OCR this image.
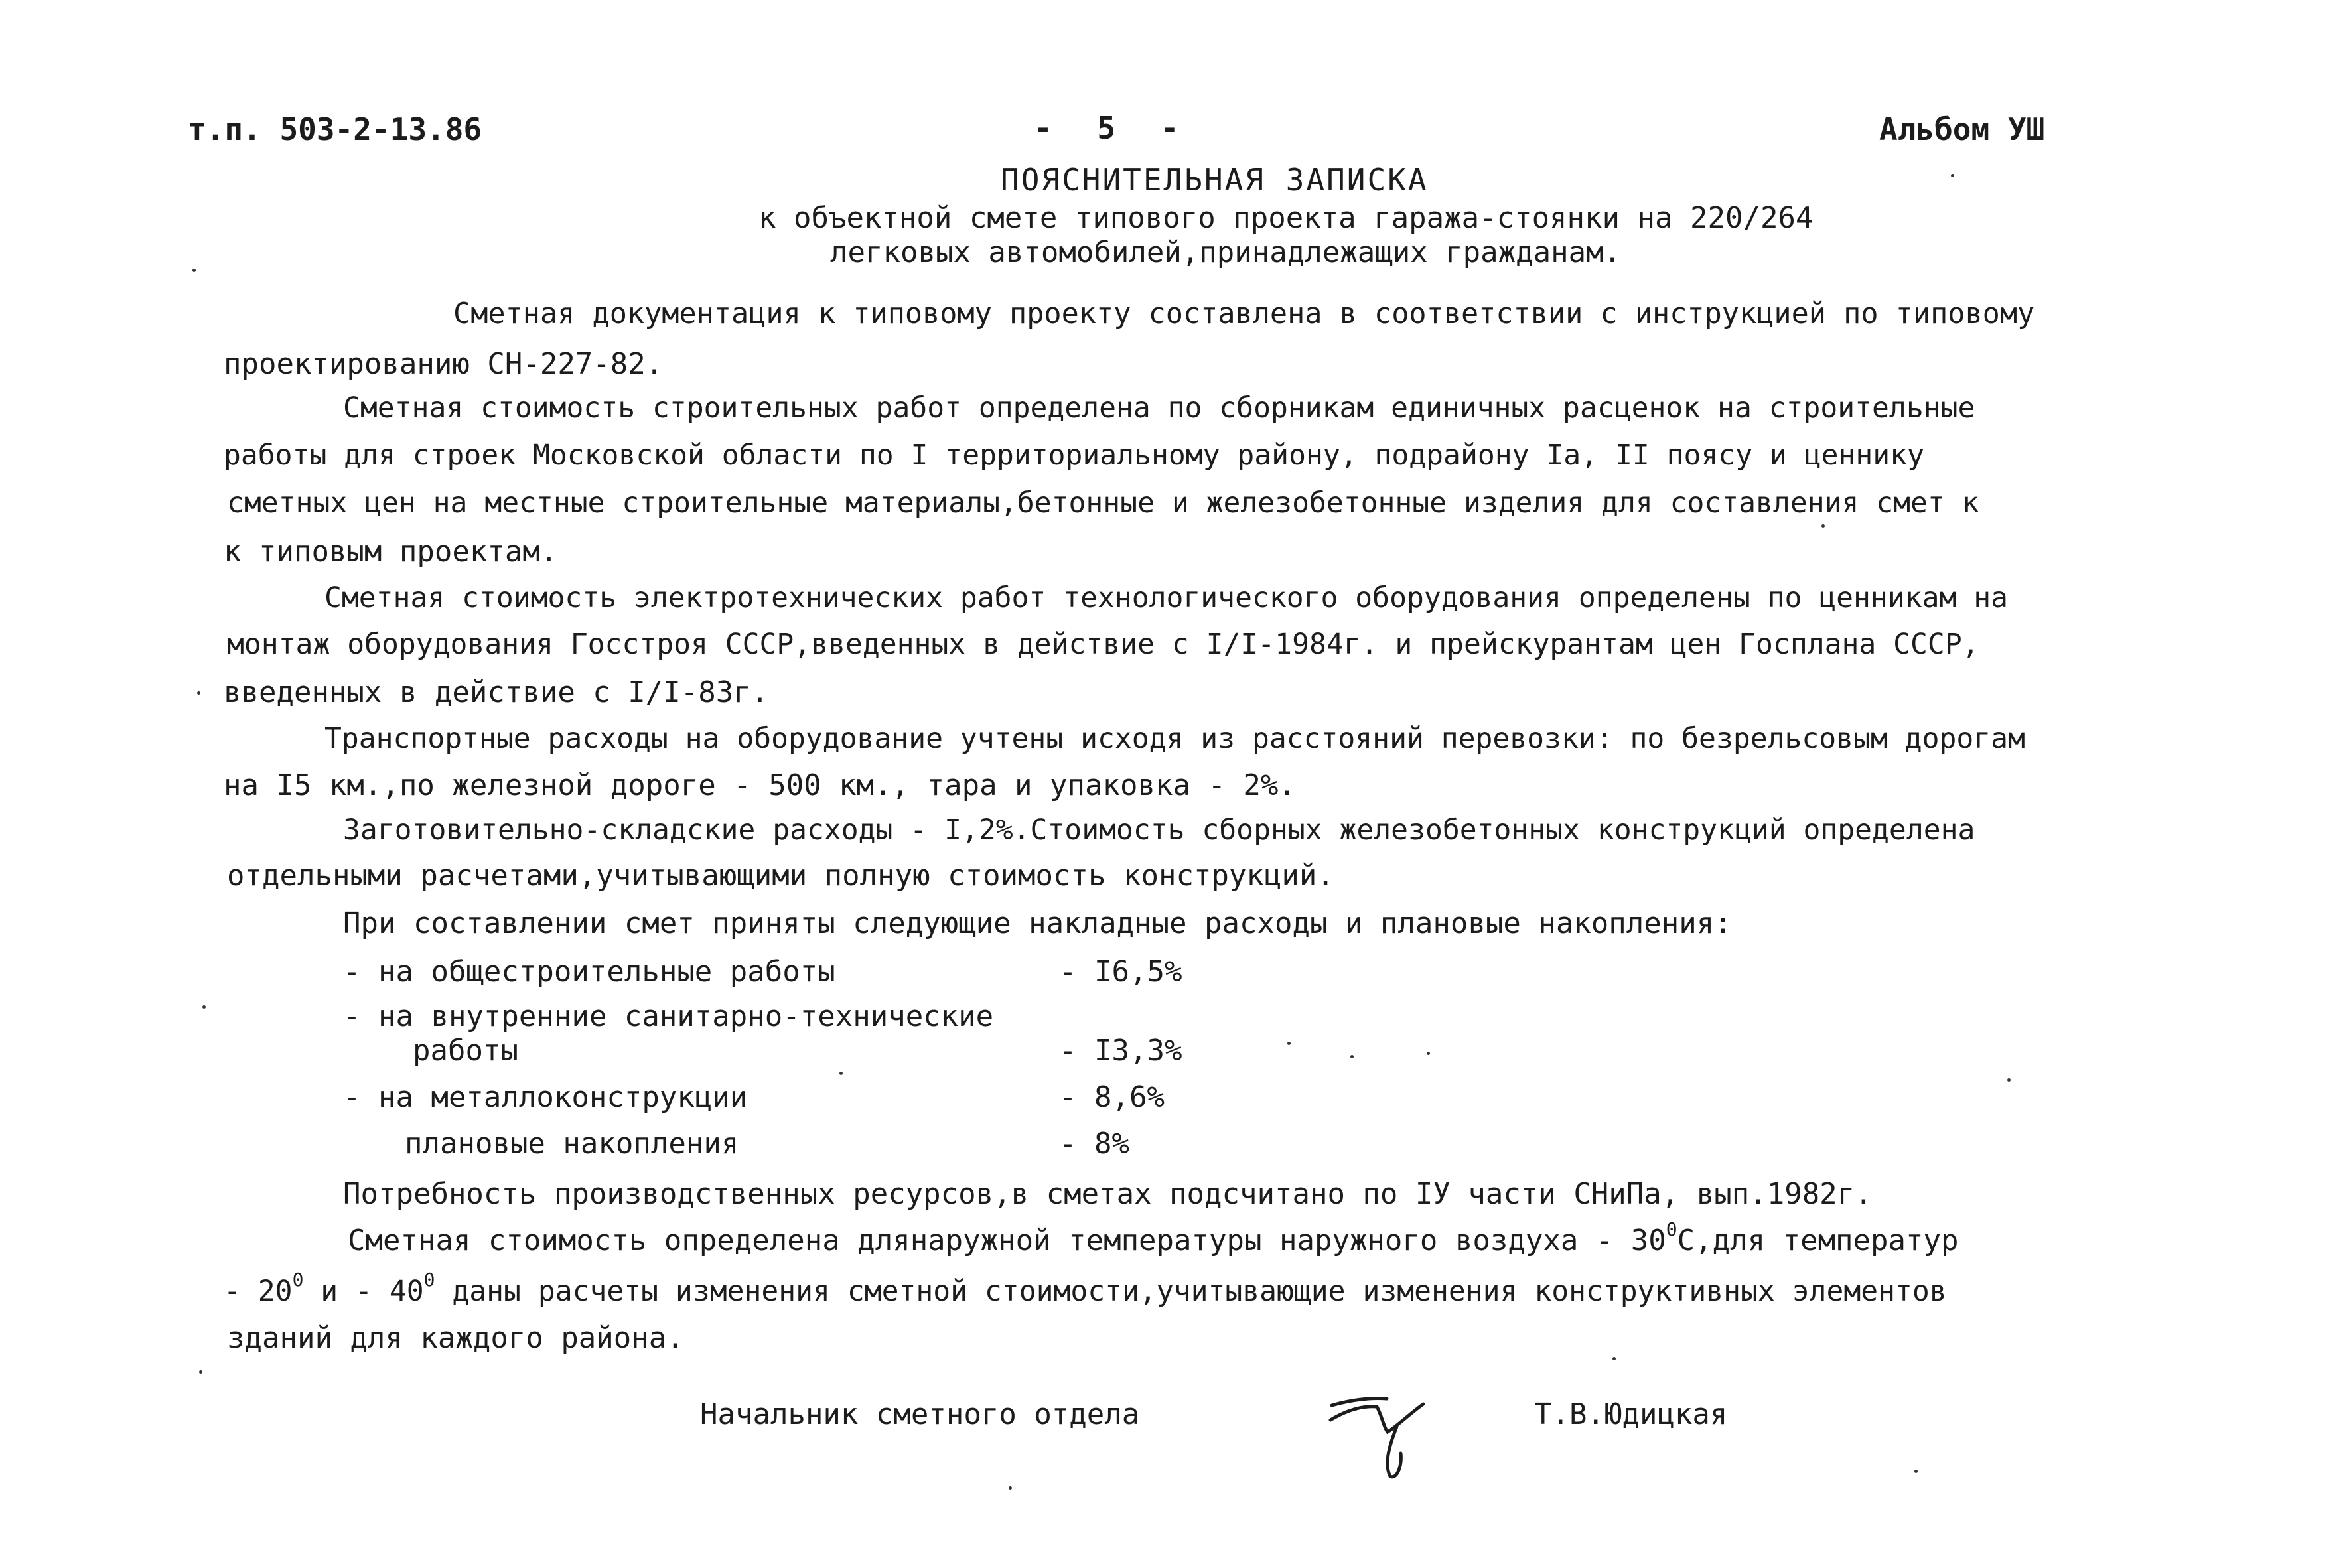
т.п. 503-2-13.86	- 5 -	Альбом УШ
ПОЯСНИТЕЛЬНАЯ ЗАПИСКА
к объектной смете типового проекта гаража-стоянки на 220/264
легковых автомобилей,принадлежащих гражданам.
Сметная документация к типовому проекту составлена в соответствии с инструкцией по типовому
проектированию СН-227-82.
Сметная стоимость строительных работ определена по сборникам единичных расценок на строительные
работы для строек Московской области по I территориальному району, подрайону Iа, II поясу и ценнику
сметных цен на местные строительные материалы,бетонные и железобетонные изделия для составления смет к
к типовым проектам.
Сметная стоимость электротехнических работ технологического оборудования определены по ценникам на
монтаж оборудования Госстроя СССР,введенных в действие с I/I-1984г. и прейскурантам цен Госплана СССР,
введенных в действие с I/I-83г.
Транспортные расходы на оборудование учтены исходя из расстояний перевозки: по безрельсовым дорогам
на I5 км.,по железной дороге - 500 км., тара и упаковка - 2%.
Заготовительно-складские расходы - I,2%.Стоимость сборных железобетонных конструкций определена
отдельными расчетами,учитывающими полную стоимость конструкций.
При составлении смет приняты следующие накладные расходы и плановые накопления:
- на общестроительные работы	- I6,5%
- на внутренние санитарно-технические
работы	- I3,3%
- на металлоконструкции	- 8,6%
плановые накопления	- 8%
Потребность производственных ресурсов,в сметах подсчитано по IУ части СНиПа, вып.1982г.
Сметная стоимость определена длянаружной температуры наружного воздуха - $30^0С,для$ температур
- $20^0$ и - $40^0$ даны расчеты изменения сметной стоимости,учитывающие изменения конструктивных элементов
зданий для каждого района.
Начальник сметного отдела	Т.В.Юдицкая
